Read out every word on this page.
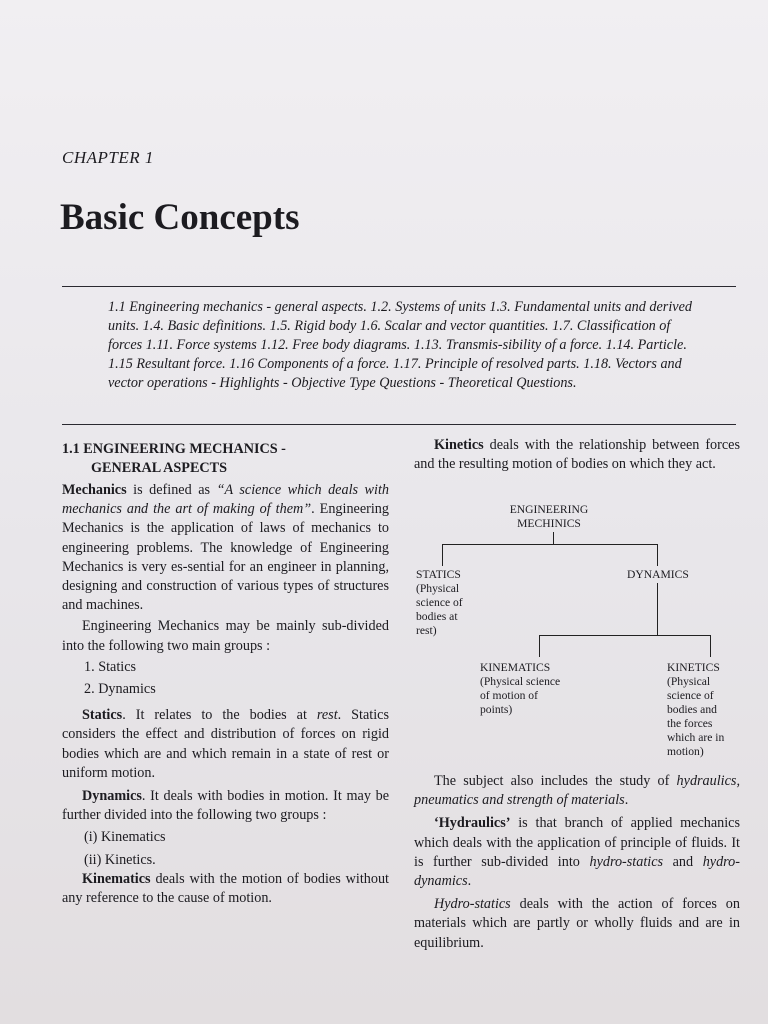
CHAPTER 1
Basic Concepts

1.1 Engineering mechanics - general aspects. 1.2. Systems of units 1.3. Fundamental units and derived units. 1.4. Basic definitions. 1.5. Rigid body 1.6. Scalar and vector quantities. 1.7. Classification of forces 1.11. Force systems 1.12. Free body diagrams. 1.13. Transmis-sibility of a force. 1.14. Particle. 1.15 Resultant force. 1.16 Components of a force. 1.17. Principle of resolved parts. 1.18. Vectors and vector operations - Highlights - Objective Type Questions - Theoretical Questions.

1.1 ENGINEERING MECHANICS -
GENERAL ASPECTS

Mechanics is defined as “A science which deals with mechanics and the art of making of them”. Engineering Mechanics is the application of laws of mechanics to engineering problems. The knowledge of Engineering Mechanics is very es-sential for an engineer in planning, designing and construction of various types of structures and machines.

Engineering Mechanics may be mainly sub-divided into the following two main groups :

1. Statics
2. Dynamics

Statics. It relates to the bodies at rest. Statics considers the effect and distribution of forces on rigid bodies which are and which remain in a state of rest or uniform motion.

Dynamics. It deals with bodies in motion. It may be further divided into the following two groups :

(i) Kinematics
(ii) Kinetics.

Kinematics deals with the motion of bodies without any reference to the cause of motion.

Kinetics deals with the relationship between forces and the resulting motion of bodies on which they act.

ENGINEERING
MECHINICS
STATICS
(Physical
science of
bodies at
rest)
DYNAMICS
KINEMATICS
(Physical science
of motion of
points)
KINETICS
(Physical
science of
bodies and
the forces
which are in
motion)

The subject also includes the study of hydraulics, pneumatics and strength of materials.

‘Hydraulics’ is that branch of applied mechanics which deals with the application of principle of fluids. It is further sub-divided into hydro-statics and hydro-dynamics.

Hydro-statics deals with the action of forces on materials which are partly or wholly fluids and are in equilibrium.
